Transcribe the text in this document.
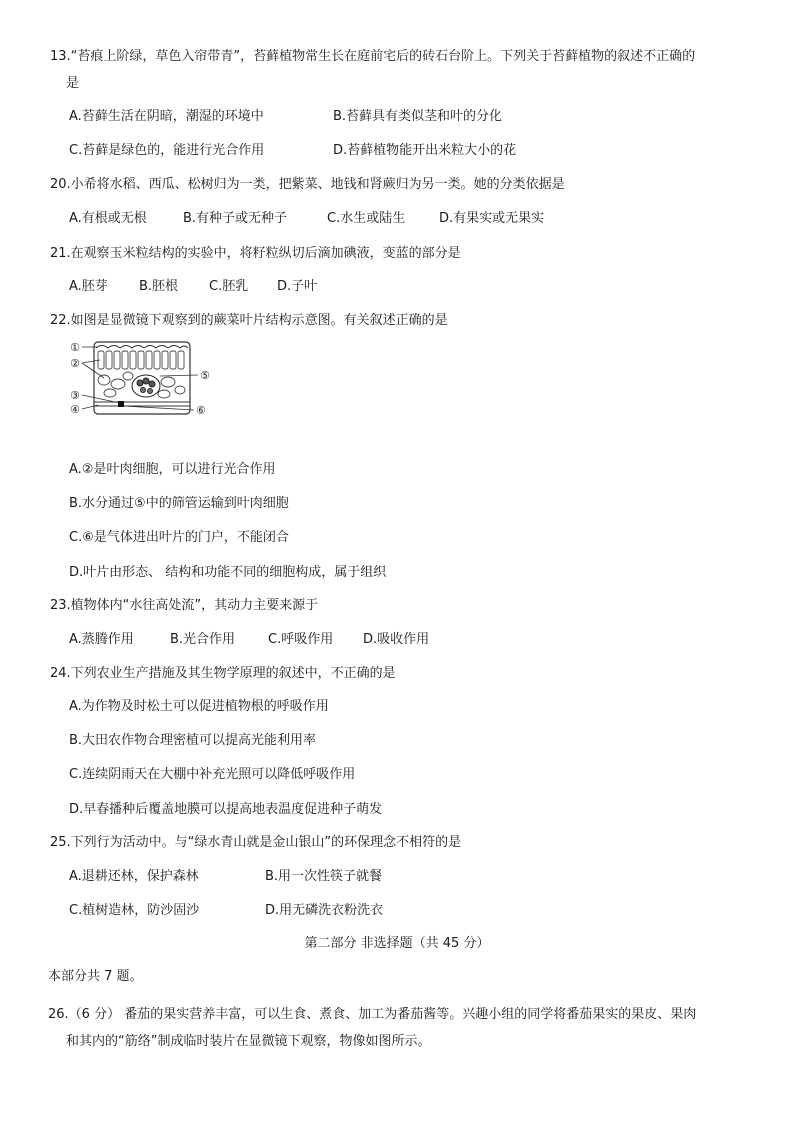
13.“苔痕上阶绿，草色入帘带青”，苔藓植物常生长在庭前宅后的砖石台阶上。下列关于苔藓植物的叙述不正确的
是
A.苔藓生活在阴暗，潮湿的环境中	B.苔藓具有类似茎和叶的分化
C.苔藓是绿色的，能进行光合作用	D.苔藓植物能开出米粒大小的花
20.小希将水稻、西瓜、松树归为一类，把紫菜、地钱和肾蕨归为另一类。她的分类依据是
A.有根或无根	B.有种子或无种子	C.水生或陆生	D.有果实或无果实
21.在观察玉米粒结构的实验中，将籽粒纵切后滴加碘液，变蓝的部分是
A.胚芽 B.胚根 C.胚乳 D.子叶
22.如图是显微镜下观察到的蕨菜叶片结构示意图。有关叙述正确的是
①
②
③
④
⑤
⑥
A.②是叶肉细胞，可以进行光合作用
B.水分通过⑤中的筛管运输到叶肉细胞
C.⑥是气体进出叶片的门户，不能闭合
D.叶片由形态、 结构和功能不同的细胞构成，属于组织
23.植物体内“水往高处流”，其动力主要来源于
A.蒸腾作用	B.光合作用	C.呼吸作用 D.吸收作用
24.下列农业生产措施及其生物学原理的叙述中，不正确的是
A.为作物及时松土可以促进植物根的呼吸作用
B.大田农作物合理密植可以提高光能利用率
C.连续阴雨天在大棚中补充光照可以降低呼吸作用
D.早春播种后覆盖地膜可以提高地表温度促进种子萌发
25.下列行为活动中。与“绿水青山就是金山银山”的环保理念不相符的是
A.退耕还林，保护森林	B.用一次性筷子就餐
C.植树造林，防沙固沙	D.用无磷洗衣粉洗衣
第二部分 非选择题（共 45 分）
本部分共 7 题。
26.（6 分） 番茄的果实营养丰富，可以生食、煮食、加工为番茄酱等。兴趣小组的同学将番茄果实的果皮、果肉
和其内的“筋络”制成临时装片在显微镜下观察，物像如图所示。
